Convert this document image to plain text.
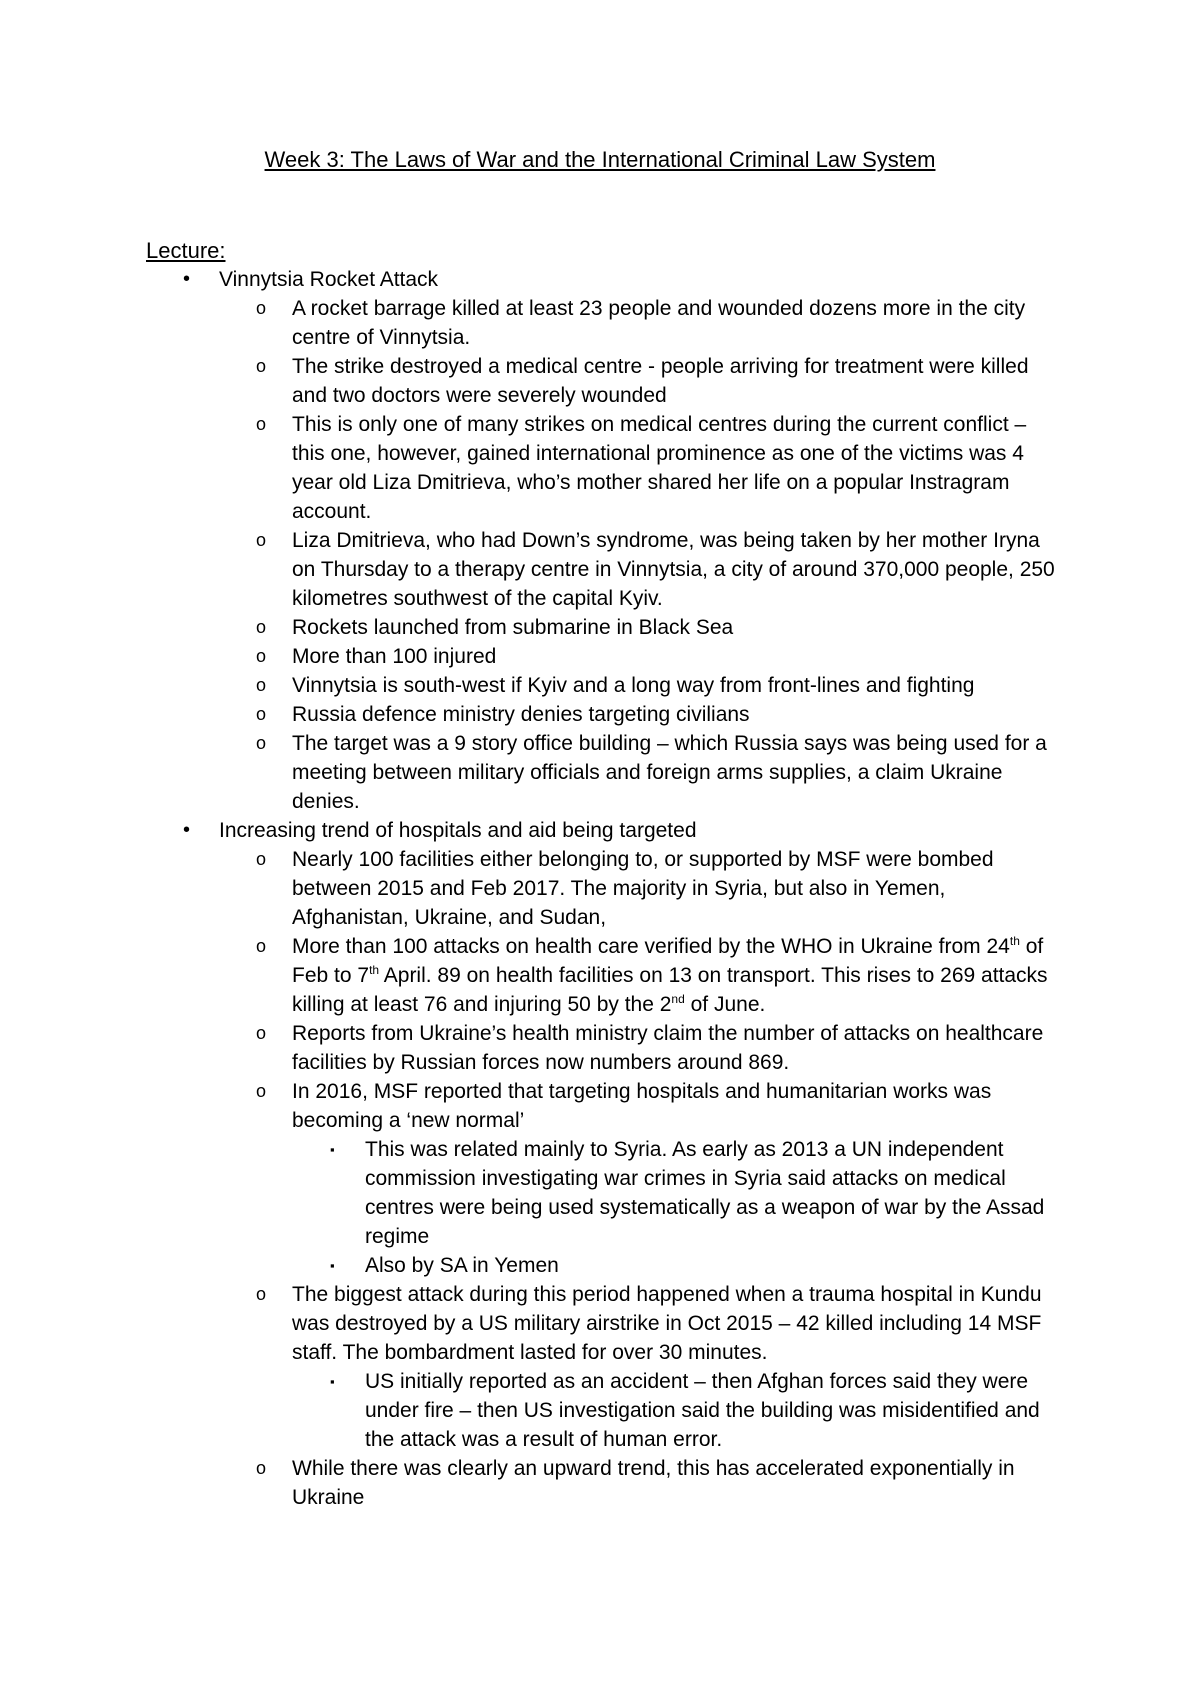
Week 3: The Laws of War and the International Criminal Law System
Lecture:
• Vinnytsia Rocket Attack
o A rocket barrage killed at least 23 people and wounded dozens more in the city centre of Vinnytsia.
o The strike destroyed a medical centre - people arriving for treatment were killed and two doctors were severely wounded
o This is only one of many strikes on medical centres during the current conflict – this one, however, gained international prominence as one of the victims was 4 year old Liza Dmitrieva, who’s mother shared her life on a popular Instragram account.
o Liza Dmitrieva, who had Down’s syndrome, was being taken by her mother Iryna on Thursday to a therapy centre in Vinnytsia, a city of around 370,000 people, 250 kilometres southwest of the capital Kyiv.
o Rockets launched from submarine in Black Sea
o More than 100 injured
o Vinnytsia is south-west if Kyiv and a long way from front-lines and fighting
o Russia defence ministry denies targeting civilians
o The target was a 9 story office building – which Russia says was being used for a meeting between military officials and foreign arms supplies, a claim Ukraine denies.
• Increasing trend of hospitals and aid being targeted
o Nearly 100 facilities either belonging to, or supported by MSF were bombed between 2015 and Feb 2017. The majority in Syria, but also in Yemen, Afghanistan, Ukraine, and Sudan,
o More than 100 attacks on health care verified by the WHO in Ukraine from 24th of Feb to 7th April. 89 on health facilities on 13 on transport. This rises to 269 attacks killing at least 76 and injuring 50 by the 2nd of June.
o Reports from Ukraine’s health ministry claim the number of attacks on healthcare facilities by Russian forces now numbers around 869.
o In 2016, MSF reported that targeting hospitals and humanitarian works was becoming a ‘new normal’
▪ This was related mainly to Syria. As early as 2013 a UN independent commission investigating war crimes in Syria said attacks on medical centres were being used systematically as a weapon of war by the Assad regime
▪ Also by SA in Yemen
o The biggest attack during this period happened when a trauma hospital in Kundu was destroyed by a US military airstrike in Oct 2015 – 42 killed including 14 MSF staff. The bombardment lasted for over 30 minutes.
▪ US initially reported as an accident – then Afghan forces said they were under fire – then US investigation said the building was misidentified and the attack was a result of human error.
o While there was clearly an upward trend, this has accelerated exponentially in Ukraine
